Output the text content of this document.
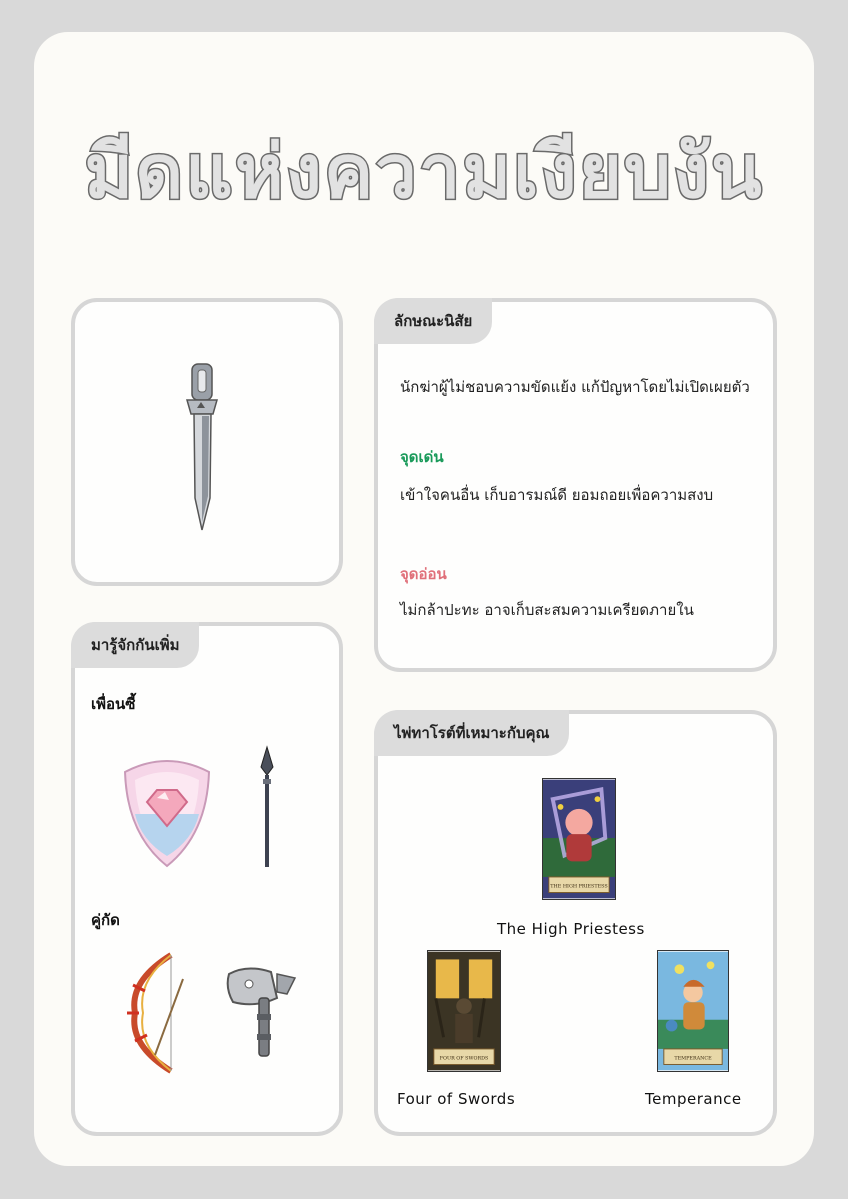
มีดแห่งความเงียบงัน
ลักษณะนิสัย
นักฆ่าผู้ไม่ชอบความขัดแย้ง แก้ปัญหาโดยไม่เปิดเผยตัว
จุดเด่น
เข้าใจคนอื่น เก็บอารมณ์ดี ยอมถอยเพื่อความสงบ
จุดอ่อน
ไม่กล้าปะทะ อาจเก็บสะสมความเครียดภายใน
มารู้จักกันเพิ่ม
เพื่อนซี้
คู่กัด
ไพ่ทาโรต์ที่เหมาะกับคุณ
THE HIGH PRIESTESS
The High Priestess
FOUR OF SWORDS
Four of Swords
TEMPERANCE
Temperance
